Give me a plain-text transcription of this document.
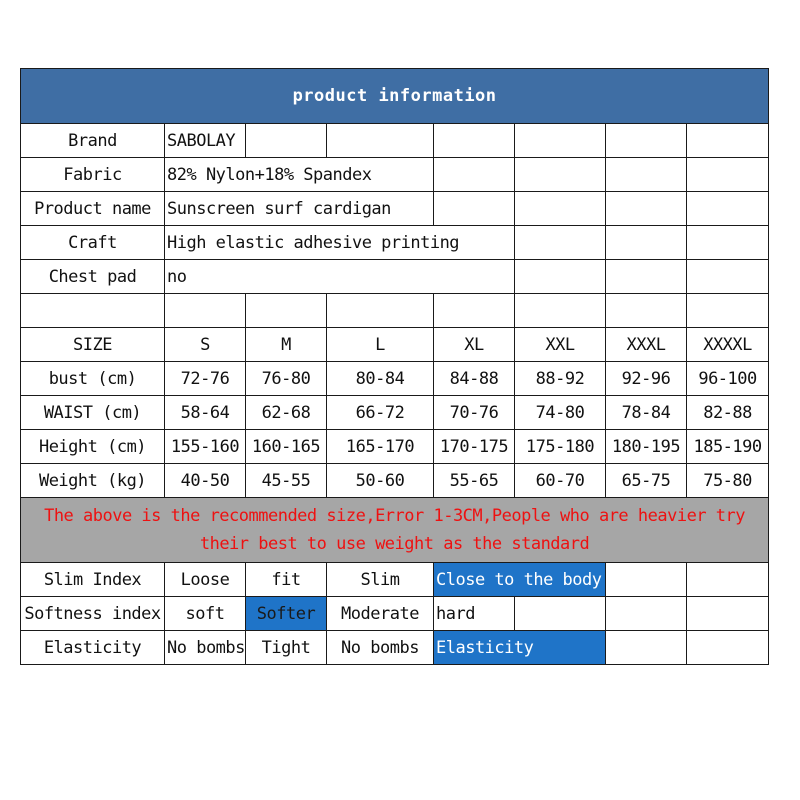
product information							
Brand	SABOLAY						
Fabric	82% Nylon+18% Spandex						
Product name	Sunscreen surf cardigan						
Craft	High elastic adhesive printing						
Chest pad	no						

SIZE	S	M	L	XL	XXL	XXXL	XXXXL
bust (cm)	72-76	76-80	80-84	84-88	88-92	92-96	96-100
WAIST (cm)	58-64	62-68	66-72	70-76	74-80	78-84	82-88
Height (cm)	155-160	160-165	165-170	170-175	175-180	180-195	185-190
Weight (kg)	40-50	45-55	50-60	55-65	60-70	65-75	75-80
The above is the recommended size,Error 1-3CM,People who are heavier try their best to use weight as the standard							
Slim Index	Loose	fit	Slim	Close to the body			
Softness index	soft	Softer	Moderate	hard			
Elasticity	No bombs	Tight	No bombs	Elasticity			
